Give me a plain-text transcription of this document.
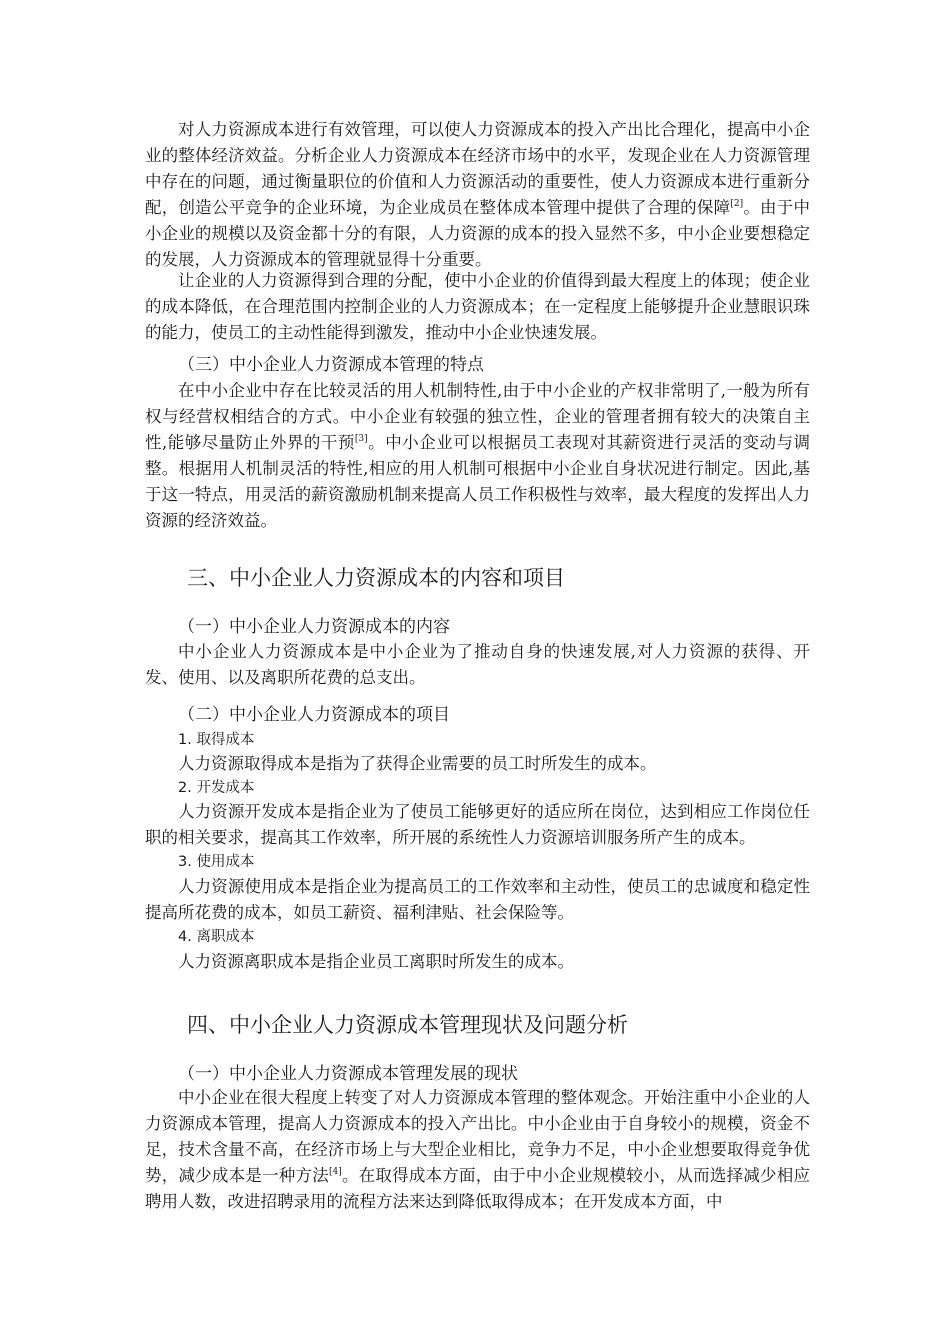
对人力资源成本进行有效管理，可以使人力资源成本的投入产出比合理化，提高中小企业的整体经济效益。分析企业人力资源成本在经济市场中的水平，发现企业在人力资源管理中存在的问题，通过衡量职位的价值和人力资源活动的重要性，使人力资源成本进行重新分配，创造公平竞争的企业环境，为企业成员在整体成本管理中提供了合理的保障[2]。由于中小企业的规模以及资金都十分的有限，人力资源的成本的投入显然不多，中小企业要想稳定的发展，人力资源成本的管理就显得十分重要。

让企业的人力资源得到合理的分配，使中小企业的价值得到最大程度上的体现；使企业的成本降低，在合理范围内控制企业的人力资源成本；在一定程度上能够提升企业慧眼识珠的能力，使员工的主动性能得到激发，推动中小企业快速发展。

（三）中小企业人力资源成本管理的特点

在中小企业中存在比较灵活的用人机制特性,由于中小企业的产权非常明了,一般为所有权与经营权相结合的方式。中小企业有较强的独立性，企业的管理者拥有较大的决策自主性,能够尽量防止外界的干预[3]。中小企业可以根据员工表现对其薪资进行灵活的变动与调整。根据用人机制灵活的特性,相应的用人机制可根据中小企业自身状况进行制定。因此,基于这一特点，用灵活的薪资激励机制来提高人员工作积极性与效率，最大程度的发挥出人力资源的经济效益。

三、中小企业人力资源成本的内容和项目
（一）中小企业人力资源成本的内容

中小企业人力资源成本是中小企业为了推动自身的快速发展,对人力资源的获得、开发、使用、以及离职所花费的总支出。

（二）中小企业人力资源成本的项目
1. 取得成本

人力资源取得成本是指为了获得企业需要的员工时所发生的成本。

2. 开发成本

人力资源开发成本是指企业为了使员工能够更好的适应所在岗位，达到相应工作岗位任职的相关要求，提高其工作效率，所开展的系统性人力资源培训服务所产生的成本。

3. 使用成本

人力资源使用成本是指企业为提高员工的工作效率和主动性，使员工的忠诚度和稳定性提高所花费的成本，如员工薪资、福利津贴、社会保险等。

4. 离职成本

人力资源离职成本是指企业员工离职时所发生的成本。

四、中小企业人力资源成本管理现状及问题分析
（一）中小企业人力资源成本管理发展的现状

中小企业在很大程度上转变了对人力资源成本管理的整体观念。开始注重中小企业的人力资源成本管理，提高人力资源成本的投入产出比。中小企业由于自身较小的规模，资金不足，技术含量不高，在经济市场上与大型企业相比，竞争力不足，中小企业想要取得竞争优势，减少成本是一种方法[4]。在取得成本方面，由于中小企业规模较小，从而选择减少相应聘用人数，改进招聘录用的流程方法来达到降低取得成本；在开发成本方面，中
